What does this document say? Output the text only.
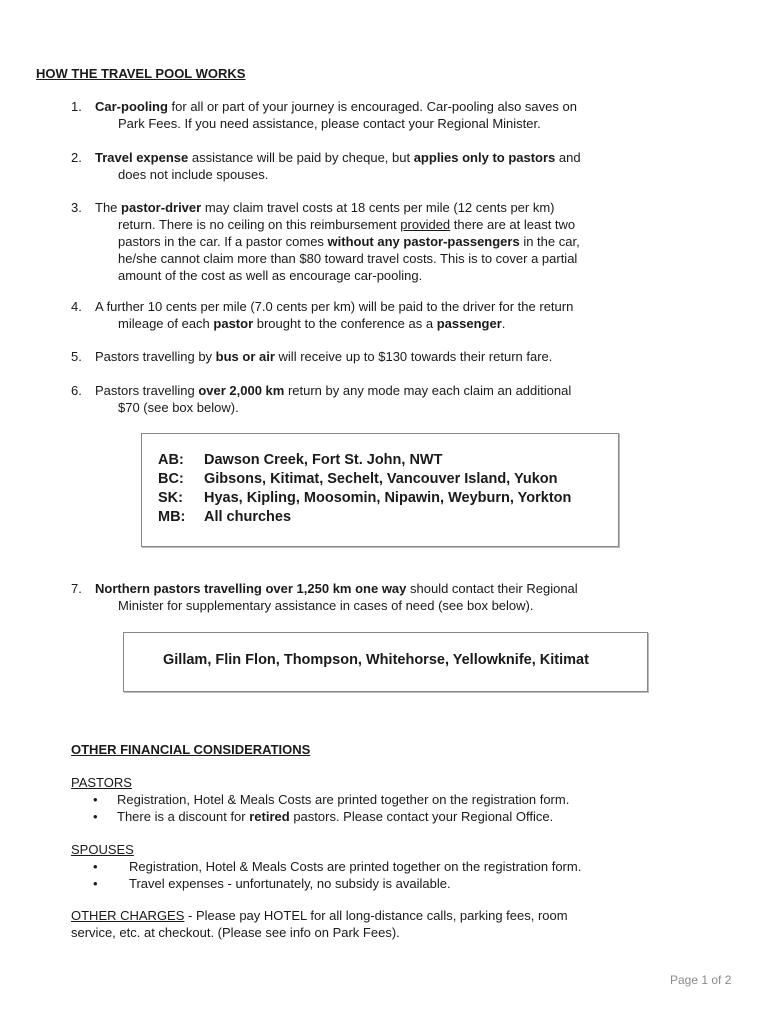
HOW THE TRAVEL POOL WORKS
1.	Car-pooling for all or part of your journey is encouraged. Car-pooling also saves on
Park Fees. If you need assistance, please contact your Regional Minister.
2.	Travel expense assistance will be paid by cheque, but applies only to pastors and
does not include spouses.
3.	The pastor-driver may claim travel costs at 18 cents per mile (12 cents per km)
return. There is no ceiling on this reimbursement provided there are at least two
pastors in the car. If a pastor comes without any pastor-passengers in the car,
he/she cannot claim more than $80 toward travel costs. This is to cover a partial
amount of the cost as well as encourage car-pooling.
4.	A further 10 cents per mile (7.0 cents per km) will be paid to the driver for the return
mileage of each pastor brought to the conference as a passenger.
5.	Pastors travelling by bus or air will receive up to $130 towards their return fare.
6.	Pastors travelling over 2,000 km return by any mode may each claim an additional
$70 (see box below).
AB: Dawson Creek, Fort St. John, NWT
BC: Gibsons, Kitimat, Sechelt, Vancouver Island, Yukon
SK: Hyas, Kipling, Moosomin, Nipawin, Weyburn, Yorkton
MB: All churches
7.	Northern pastors travelling over 1,250 km one way should contact their Regional
Minister for supplementary assistance in cases of need (see box below).
Gillam, Flin Flon, Thompson, Whitehorse, Yellowknife, Kitimat
OTHER FINANCIAL CONSIDERATIONS
PASTORS
• Registration, Hotel & Meals Costs are printed together on the registration form.
• There is a discount for retired pastors. Please contact your Regional Office.
SPOUSES
• Registration, Hotel & Meals Costs are printed together on the registration form.
• Travel expenses - unfortunately, no subsidy is available.
OTHER CHARGES - Please pay HOTEL for all long-distance calls, parking fees, room
service, etc. at checkout. (Please see info on Park Fees).
Page 1 of 2
